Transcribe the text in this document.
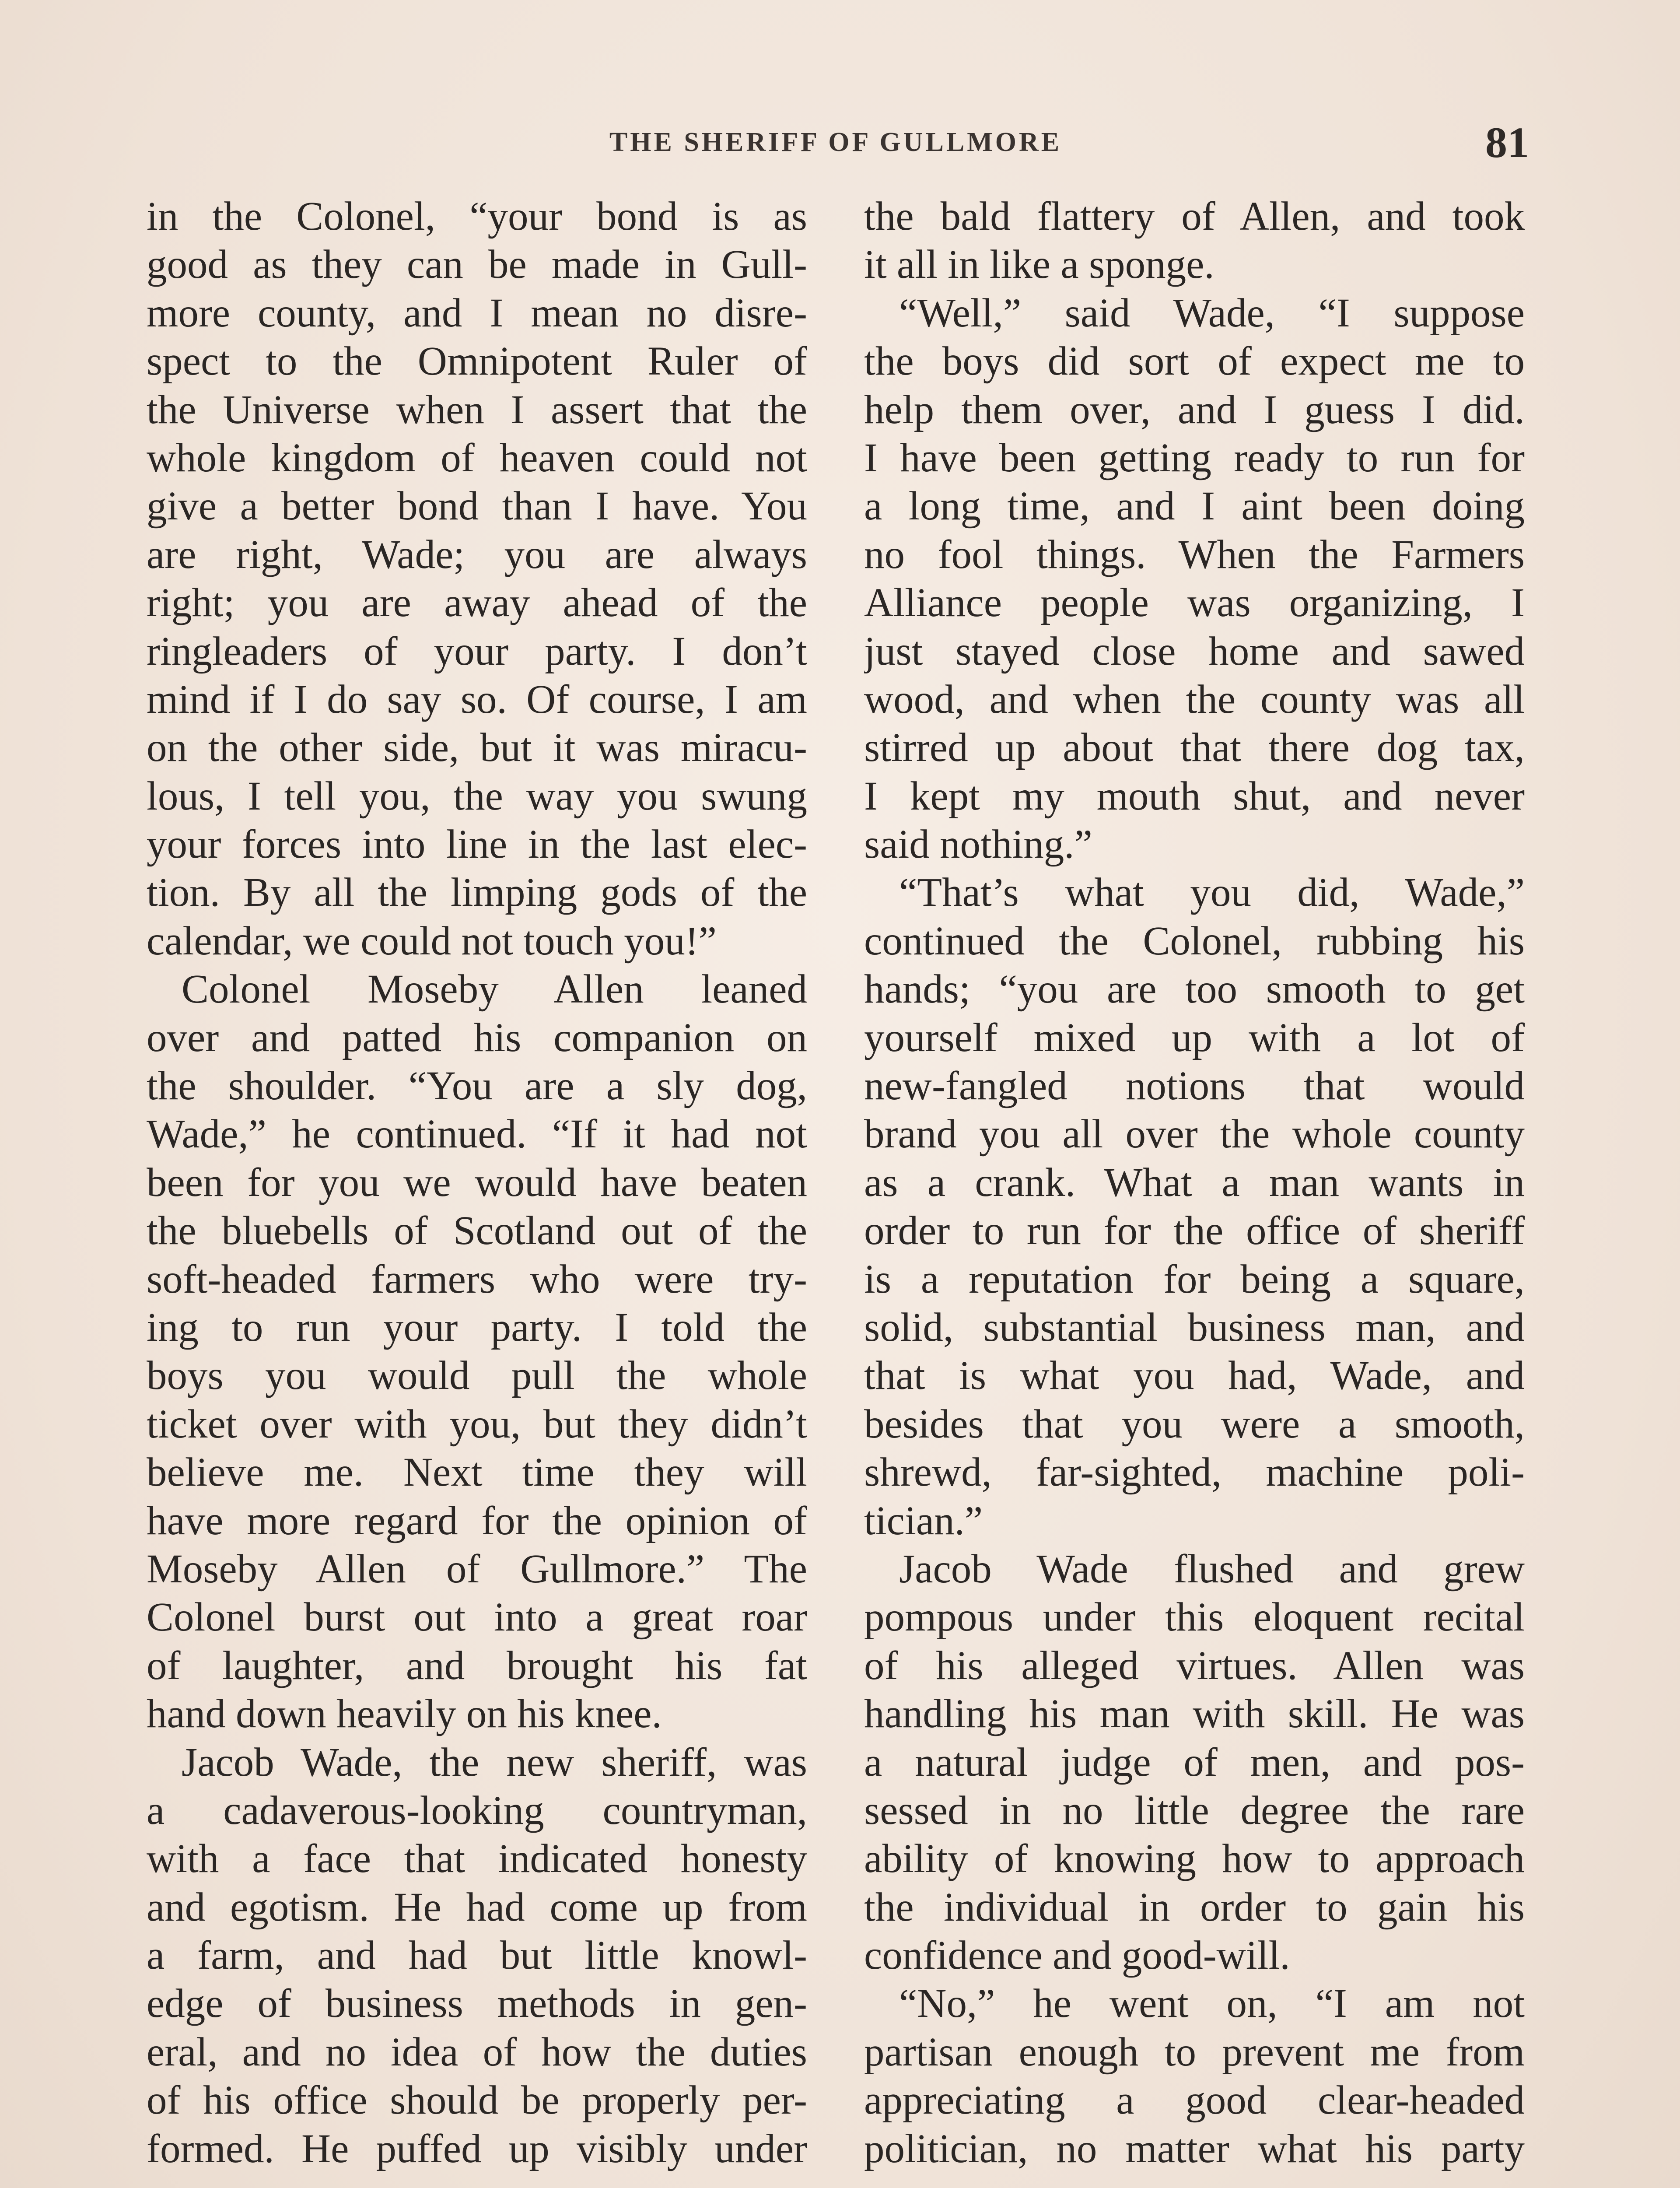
THE SHERIFF OF GULLMORE	81
in the Colonel, “your bond is as
good as they can be made in Gull-
more county, and I mean no disre-
spect to the Omnipotent Ruler of
the Universe when I assert that the
whole kingdom of heaven could not
give a better bond than I have. You
are right, Wade; you are always
right; you are away ahead of the
ringleaders of your party. I don’t
mind if I do say so. Of course, I am
on the other side, but it was miracu-
lous, I tell you, the way you swung
your forces into line in the last elec-
tion. By all the limping gods of the
calendar, we could not touch you!”
Colonel Moseby Allen leaned
over and patted his companion on
the shoulder. “You are a sly dog,
Wade,” he continued. “If it had not
been for you we would have beaten
the bluebells of Scotland out of the
soft-headed farmers who were try-
ing to run your party. I told the
boys you would pull the whole
ticket over with you, but they didn’t
believe me. Next time they will
have more regard for the opinion of
Moseby Allen of Gullmore.” The
Colonel burst out into a great roar
of laughter, and brought his fat
hand down heavily on his knee.
Jacob Wade, the new sheriff, was
a cadaverous-looking countryman,
with a face that indicated honesty
and egotism. He had come up from
a farm, and had but little knowl-
edge of business methods in gen-
eral, and no idea of how the duties
of his office should be properly per-
formed. He puffed up visibly under
the bald flattery of Allen, and took
it all in like a sponge.
“Well,” said Wade, “I suppose
the boys did sort of expect me to
help them over, and I guess I did.
I have been getting ready to run for
a long time, and I aint been doing
no fool things. When the Farmers
Alliance people was organizing, I
just stayed close home and sawed
wood, and when the county was all
stirred up about that there dog tax,
I kept my mouth shut, and never
said nothing.”
“That’s what you did, Wade,”
continued the Colonel, rubbing his
hands; “you are too smooth to get
yourself mixed up with a lot of
new-fangled notions that would
brand you all over the whole county
as a crank. What a man wants in
order to run for the office of sheriff
is a reputation for being a square,
solid, substantial business man, and
that is what you had, Wade, and
besides that you were a smooth,
shrewd, far-sighted, machine poli-
tician.”
Jacob Wade flushed and grew
pompous under this eloquent recital
of his alleged virtues. Allen was
handling his man with skill. He was
a natural judge of men, and pos-
sessed in no little degree the rare
ability of knowing how to approach
the individual in order to gain his
confidence and good-will.
“No,” he went on, “I am not
partisan enough to prevent me from
appreciating a good clear-headed
politician, no matter what his party
